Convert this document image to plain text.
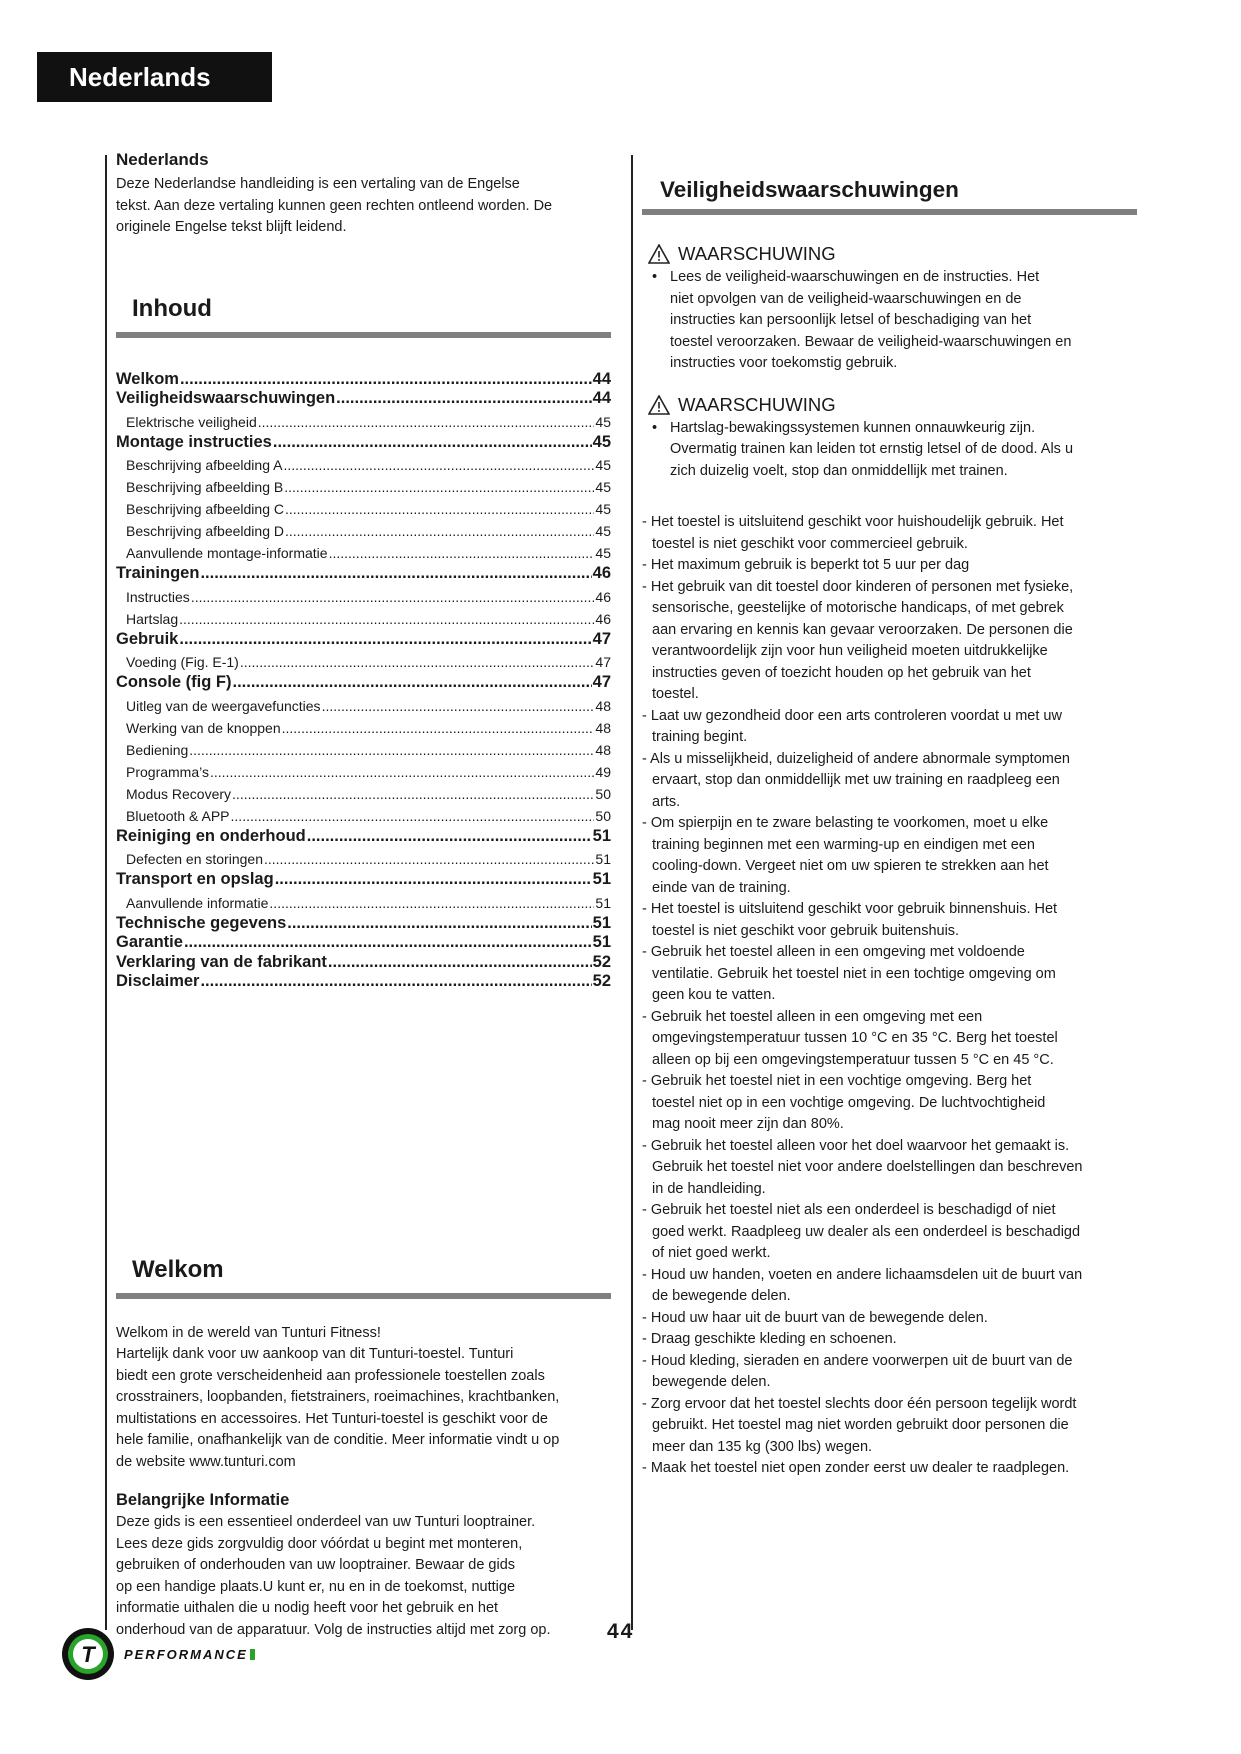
Nederlands

Nederlands

Deze Nederlandse handleiding is een vertaling van de Engelse

tekst. Aan deze vertaling kunnen geen rechten ontleend worden. De

originele Engelse tekst blijft leidend.

Inhoud
Welkom .....	44
Veiligheidswaarschuwingen .....	44
Elektrische veiligheid .....	45
Montage instructies .....	45
Beschrijving afbeelding A .....	45
Beschrijving afbeelding B .....	45
Beschrijving afbeelding C .....	45
Beschrijving afbeelding D .....	45
Aanvullende montage-informatie .....	45
Trainingen .....	46
Instructies .....	46
Hartslag .....	46
Gebruik .....	47
Voeding (Fig. E-1) .....	47
Console (fig F) .....	47
Uitleg van de weergavefuncties .....	48
Werking van de knoppen .....	48
Bediening .....	48
Programma’s .....	49
Modus Recovery .....	50
Bluetooth & APP .....	50
Reiniging en onderhoud .....	51
Defecten en storingen .....	51
Transport en opslag .....	51
Aanvullende informatie .....	51
Technische gegevens .....	51
Garantie .....	51
Verklaring van de fabrikant .....	52
Disclaimer .....	52
Welkom

Welkom in de wereld van Tunturi Fitness!

Hartelijk dank voor uw aankoop van dit Tunturi-toestel. Tunturi

biedt een grote verscheidenheid aan professionele toestellen zoals

crosstrainers, loopbanden, fietstrainers, roeimachines, krachtbanken,

multistations en accessoires. Het Tunturi-toestel is geschikt voor de

hele familie, onafhankelijk van de conditie. Meer informatie vindt u op

de website www.tunturi.com

Belangrijke Informatie

Deze gids is een essentieel onderdeel van uw Tunturi looptrainer.

Lees deze gids zorgvuldig door vóórdat u begint met monteren,

gebruiken of onderhouden van uw looptrainer. Bewaar de gids

op een handige plaats.U kunt er, nu en in de toekomst, nuttige

informatie uithalen die u nodig heeft voor het gebruik en het

onderhoud van de apparatuur. Volg de instructies altijd met zorg op.

Veiligheidswaarschuwingen

WAARSCHUWING

• Lees de veiligheid-waarschuwingen en de instructies. Het

niet opvolgen van de veiligheid-waarschuwingen en de

instructies kan persoonlijk letsel of beschadiging van het

toestel veroorzaken. Bewaar de veiligheid-waarschuwingen en

instructies voor toekomstig gebruik.

WAARSCHUWING

• Hartslag-bewakingssystemen kunnen onnauwkeurig zijn.

Overmatig trainen kan leiden tot ernstig letsel of de dood. Als u

zich duizelig voelt, stop dan onmiddellijk met trainen.

- Het toestel is uitsluitend geschikt voor huishoudelijk gebruik. Het

toestel is niet geschikt voor commercieel gebruik.

- Het maximum gebruik is beperkt tot 5 uur per dag

- Het gebruik van dit toestel door kinderen of personen met fysieke,

sensorische, geestelijke of motorische handicaps, of met gebrek

aan ervaring en kennis kan gevaar veroorzaken. De personen die

verantwoordelijk zijn voor hun veiligheid moeten uitdrukkelijke

instructies geven of toezicht houden op het gebruik van het

toestel.

- Laat uw gezondheid door een arts controleren voordat u met uw

training begint.

- Als u misselijkheid, duizeligheid of andere abnormale symptomen

ervaart, stop dan onmiddellijk met uw training en raadpleeg een

arts.

- Om spierpijn en te zware belasting te voorkomen, moet u elke

training beginnen met een warming-up en eindigen met een

cooling-down. Vergeet niet om uw spieren te strekken aan het

einde van de training.

- Het toestel is uitsluitend geschikt voor gebruik binnenshuis. Het

toestel is niet geschikt voor gebruik buitenshuis.

- Gebruik het toestel alleen in een omgeving met voldoende

ventilatie. Gebruik het toestel niet in een tochtige omgeving om

geen kou te vatten.

- Gebruik het toestel alleen in een omgeving met een

omgevingstemperatuur tussen 10 °C en 35 °C. Berg het toestel

alleen op bij een omgevingstemperatuur tussen 5 °C en 45 °C.

- Gebruik het toestel niet in een vochtige omgeving. Berg het

toestel niet op in een vochtige omgeving. De luchtvochtigheid

mag nooit meer zijn dan 80%.

- Gebruik het toestel alleen voor het doel waarvoor het gemaakt is.

Gebruik het toestel niet voor andere doelstellingen dan beschreven

in de handleiding.

- Gebruik het toestel niet als een onderdeel is beschadigd of niet

goed werkt. Raadpleeg uw dealer als een onderdeel is beschadigd

of niet goed werkt.

- Houd uw handen, voeten en andere lichaamsdelen uit de buurt van

de bewegende delen.

- Houd uw haar uit de buurt van de bewegende delen.

- Draag geschikte kleding en schoenen.

- Houd kleding, sieraden en andere voorwerpen uit de buurt van de

bewegende delen.

- Zorg ervoor dat het toestel slechts door één persoon tegelijk wordt

gebruikt. Het toestel mag niet worden gebruikt door personen die

meer dan 135 kg (300 lbs) wegen.

- Maak het toestel niet open zonder eerst uw dealer te raadplegen.

44
T PERFORMANCE
